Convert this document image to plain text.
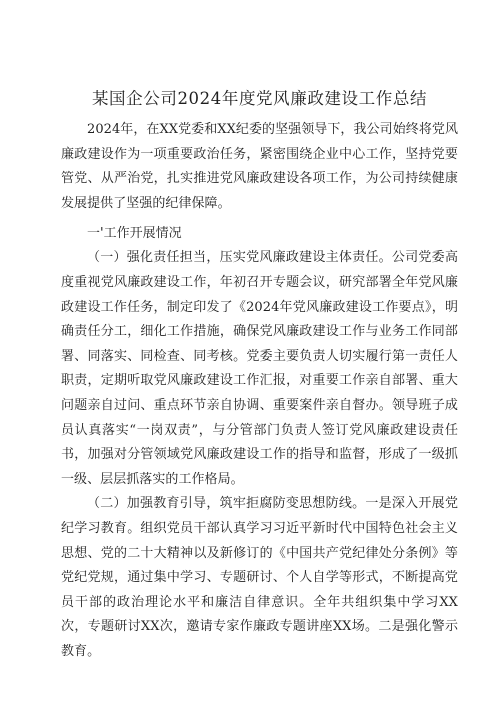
某国企公司2024年度党风廉政建设工作总结

2024年，在XX党委和XX纪委的坚强领导下，我公司始终将党风廉政建设作为一项重要政治任务，紧密围绕企业中心工作，坚持党要管党、从严治党，扎实推进党风廉政建设各项工作，为公司持续健康发展提供了坚强的纪律保障。

一'工作开展情况

（一）强化责任担当，压实党风廉政建设主体责任。公司党委高度重视党风廉政建设工作，年初召开专题会议，研究部署全年党风廉政建设工作任务，制定印发了《2024年党风廉政建设工作要点》，明确责任分工，细化工作措施，确保党风廉政建设工作与业务工作同部署、同落实、同检查、同考核。党委主要负责人切实履行第一责任人职责，定期听取党风廉政建设工作汇报，对重要工作亲自部署、重大问题亲自过问、重点环节亲自协调、重要案件亲自督办。领导班子成员认真落实“一岗双责”，与分管部门负责人签订党风廉政建设责任书，加强对分管领域党风廉政建设工作的指导和监督，形成了一级抓一级、层层抓落实的工作格局。

（二）加强教育引导，筑牢拒腐防变思想防线。一是深入开展党纪学习教育。组织党员干部认真学习习近平新时代中国特色社会主义思想、党的二十大精神以及新修订的《中国共产党纪律处分条例》等党纪党规，通过集中学习、专题研讨、个人自学等形式，不断提高党员干部的政治理论水平和廉洁自律意识。全年共组织集中学习XX次，专题研讨XX次，邀请专家作廉政专题讲座XX场。二是强化警示教育。
